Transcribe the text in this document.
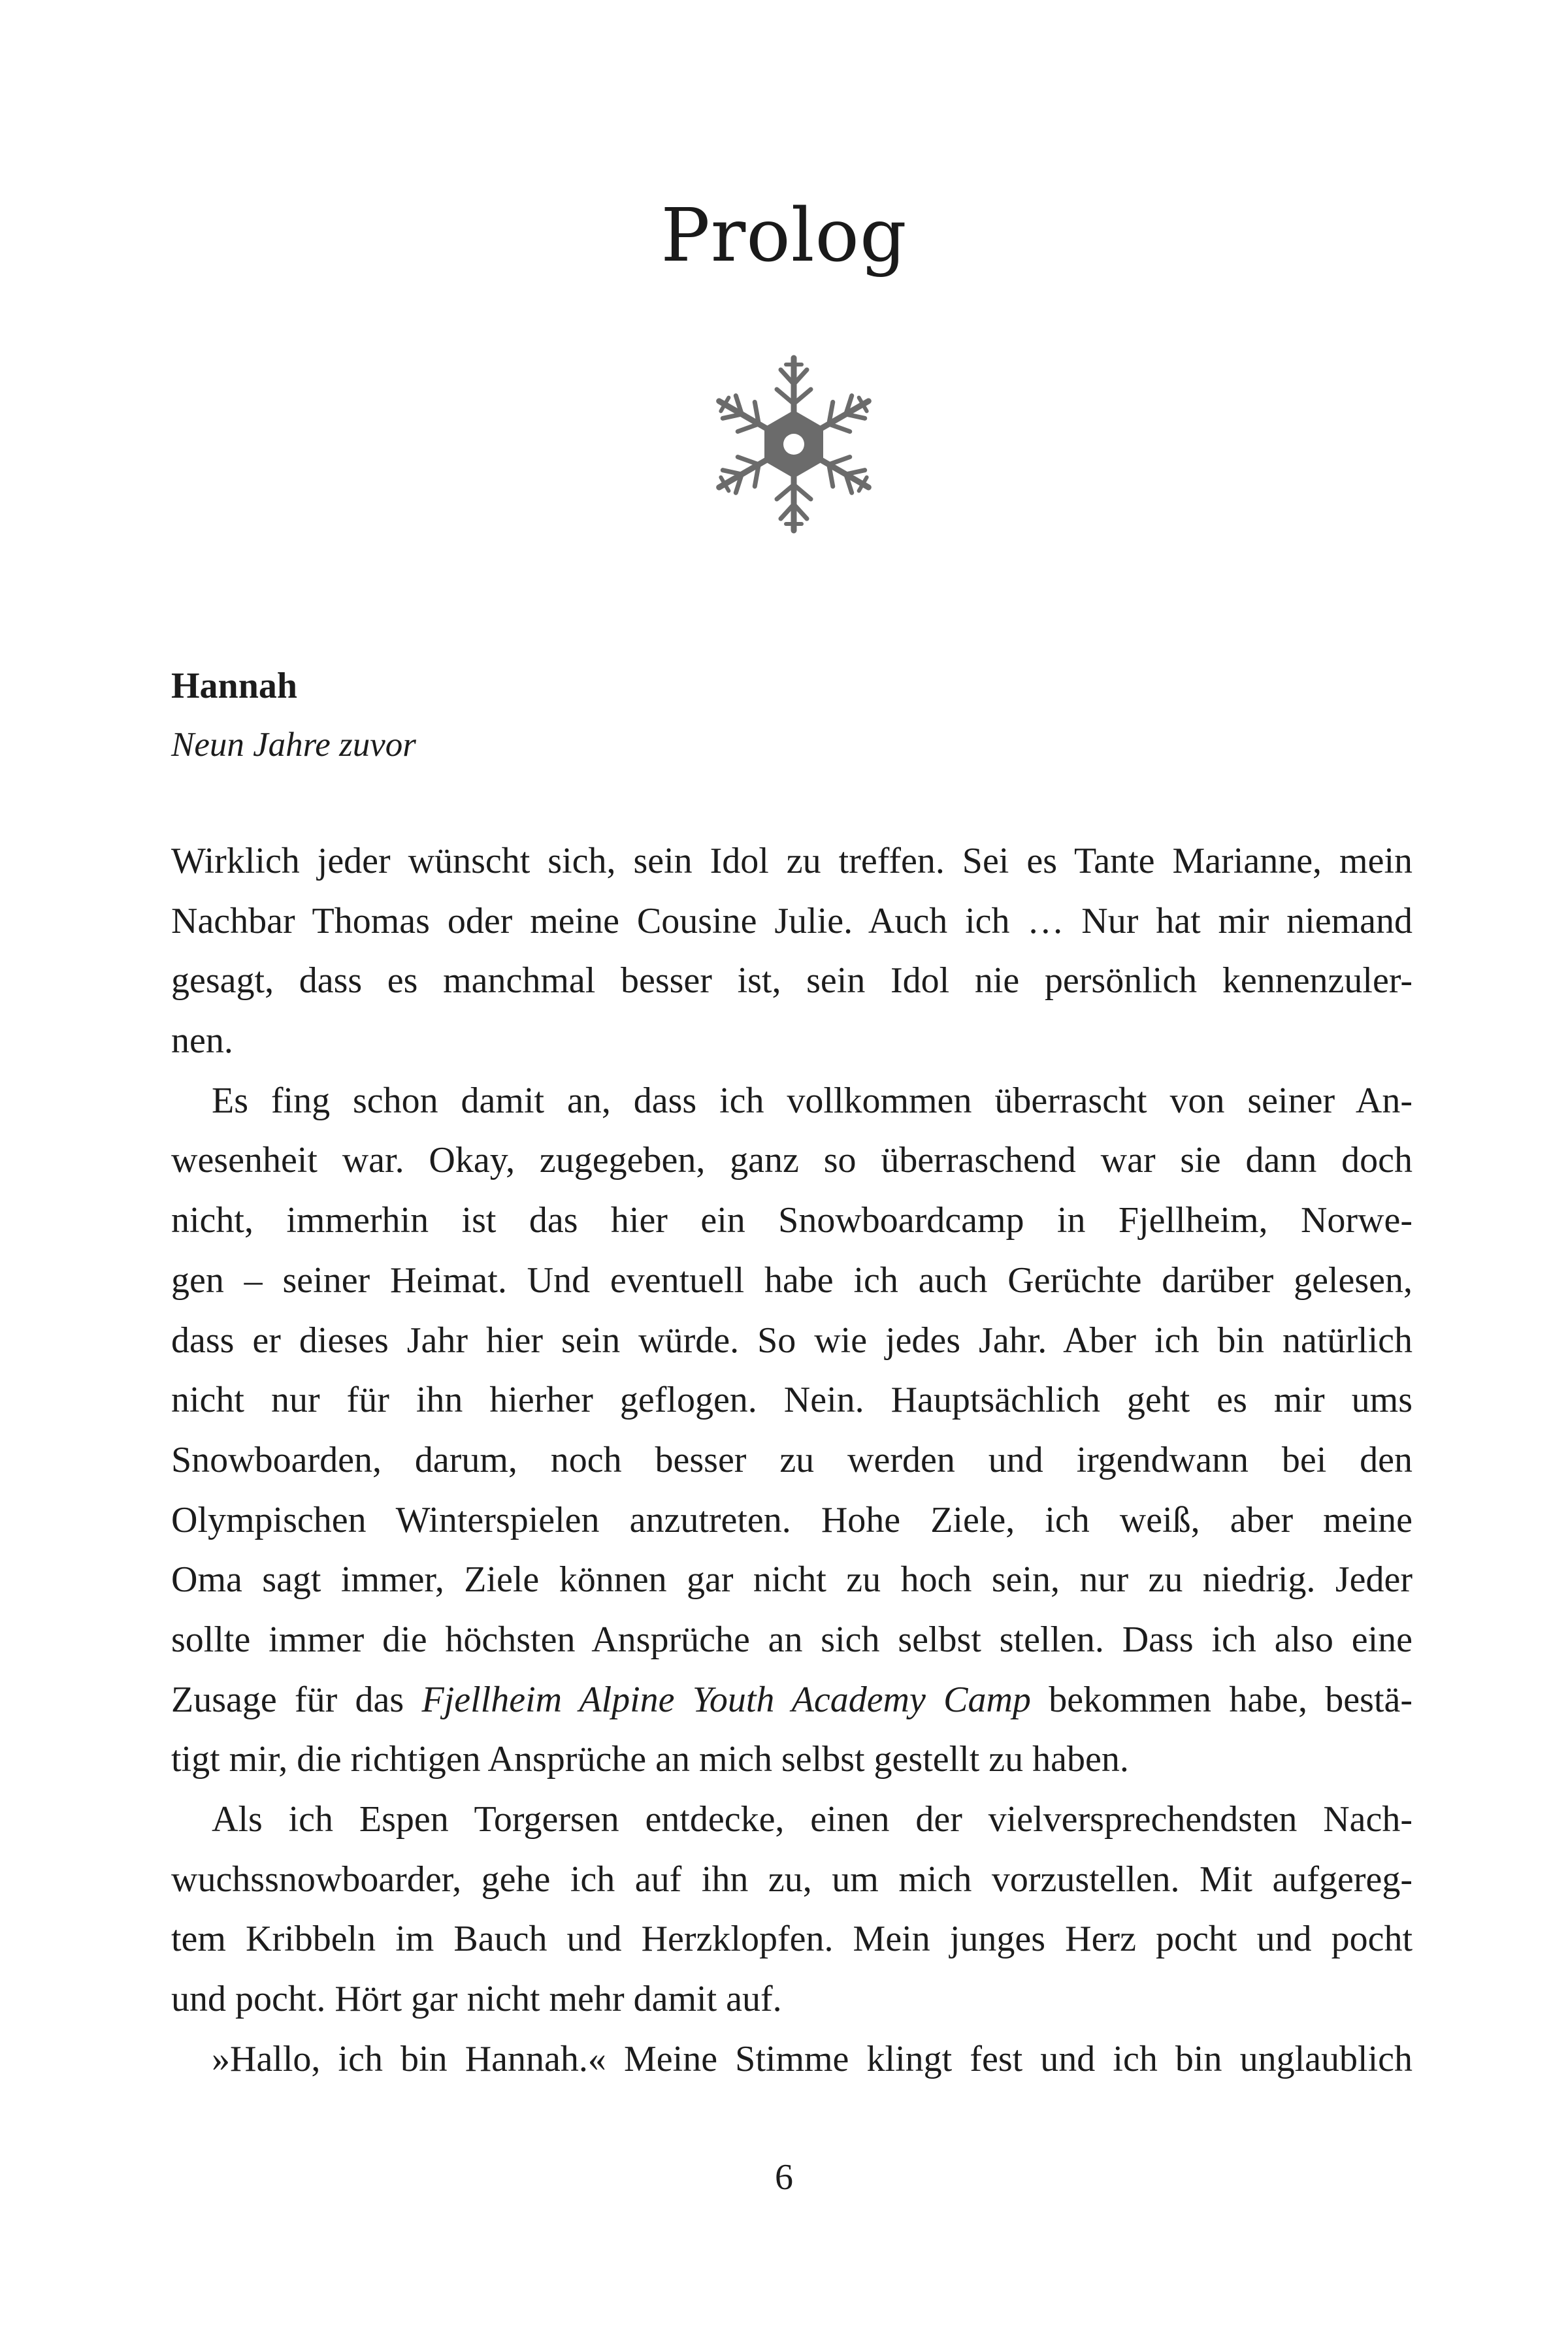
Prolog
Hannah
Neun Jahre zuvor
Wirklich jeder wünscht sich, sein Idol zu treffen. Sei es Tante Marianne, mein
Nachbar Thomas oder meine Cousine Julie. Auch ich … Nur hat mir niemand
gesagt, dass es manchmal besser ist, sein Idol nie persönlich kennenzuler-
nen.
Es fing schon damit an, dass ich vollkommen überrascht von seiner An-
wesenheit war. Okay, zugegeben, ganz so überraschend war sie dann doch
nicht, immerhin ist das hier ein Snowboardcamp in Fjellheim, Norwe-
gen – seiner Heimat. Und eventuell habe ich auch Gerüchte darüber gelesen,
dass er dieses Jahr hier sein würde. So wie jedes Jahr. Aber ich bin natürlich
nicht nur für ihn hierher geflogen. Nein. Hauptsächlich geht es mir ums
Snowboarden, darum, noch besser zu werden und irgendwann bei den
Olympischen Winterspielen anzutreten. Hohe Ziele, ich weiß, aber meine
Oma sagt immer, Ziele können gar nicht zu hoch sein, nur zu niedrig. Jeder
sollte immer die höchsten Ansprüche an sich selbst stellen. Dass ich also eine
Zusage für das Fjellheim Alpine Youth Academy Camp bekommen habe, bestä-
tigt mir, die richtigen Ansprüche an mich selbst gestellt zu haben.
Als ich Espen Torgersen entdecke, einen der vielversprechendsten Nach-
wuchssnowboarder, gehe ich auf ihn zu, um mich vorzustellen. Mit aufgereg-
tem Kribbeln im Bauch und Herzklopfen. Mein junges Herz pocht und pocht
und pocht. Hört gar nicht mehr damit auf.
»Hallo, ich bin Hannah.« Meine Stimme klingt fest und ich bin unglaublich
6
